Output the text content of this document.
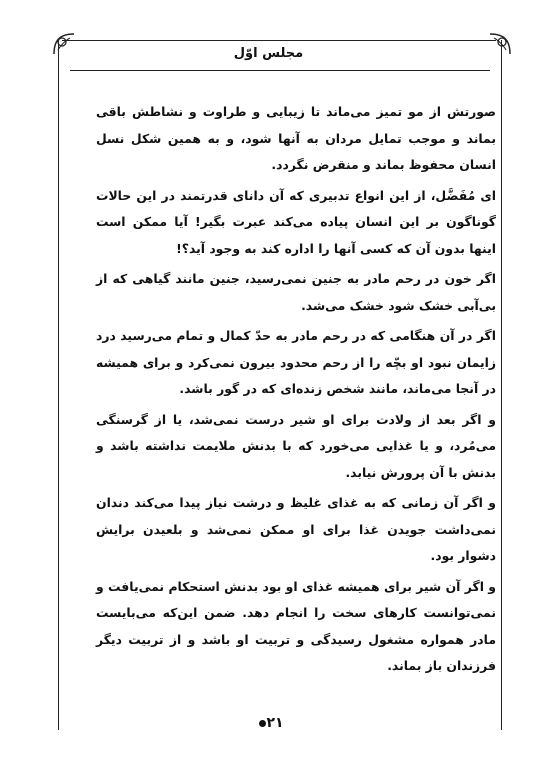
مجلس اوّل

صورتش از مو تمیز می‌ماند تا زیبایی و طراوت و نشاطش باقی بماند و موجب تمایل مردان به آنها شود، و به همین شکل نسل انسان محفوظ بماند و منقرض نگردد.

ای مُفَضَّل، از این انواع تدبیری که آن دانای قدرتمند در این حالات گوناگون بر این انسان پیاده می‌کند عبرت بگیر! آیا ممکن است اینها بدون آن که کسی آنها را اداره کند به وجود آید؟!

اگر خون در رحم مادر به جنین نمی‌رسید، جنین مانند گیاهی که از بی‌آبی خشک شود خشک می‌شد.

اگر در آن هنگامی که در رحم مادر به حدّ کمال و تمام می‌رسید درد زایمان نبود او بچّه را از رحم محدود بیرون نمی‌کرد و برای همیشه در آنجا می‌ماند، مانند شخص زنده‌ای که در گور باشد.

و اگر بعد از ولادت برای او شیر درست نمی‌شد، یا از گرسنگی می‌مُرد، و یا غذایی می‌خورد که با بدنش ملایمت نداشته باشد و بدنش با آن پرورش نیابد.

و اگر آن زمانی که به غذای غلیظ و درشت نیاز پیدا می‌کند دندان نمی‌داشت جویدن غذا برای او ممکن نمی‌شد و بلعیدن برایش دشوار بود.

و اگر آن شیر برای همیشه غذای او بود بدنش استحکام نمی‌یافت و نمی‌توانست کارهای سخت را انجام دهد. ضمن این‌که می‌بایست مادر همواره مشغول رسیدگی و تربیت او باشد و از تربیت دیگر فرزندان باز بماند.

۲۱
